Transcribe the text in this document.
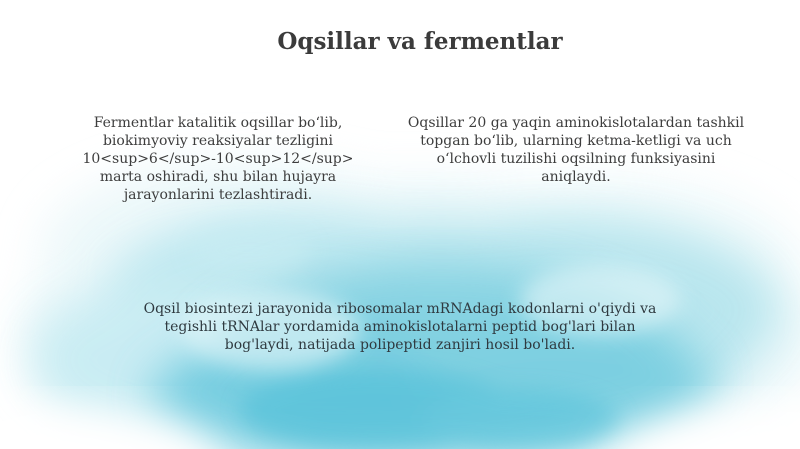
Oqsillar va fermentlar

Fermentlar katalitik oqsillar bo‘lib, biokimyoviy reaksiyalar tezligini 10<sup>6</sup>-10<sup>12</sup> marta oshiradi, shu bilan hujayra jarayonlarini tezlashtiradi.

Oqsillar 20 ga yaqin aminokislotalardan tashkil topgan bo‘lib, ularning ketma-ketligi va uch o‘lchovli tuzilishi oqsilning funksiyasini aniqlaydi.

Oqsil biosintezi jarayonida ribosomalar mRNAdagi kodonlarni o'qiydi va tegishli tRNAlar yordamida aminokislotalarni peptid bog'lari bilan bog'laydi, natijada polipeptid zanjiri hosil bo'ladi.
